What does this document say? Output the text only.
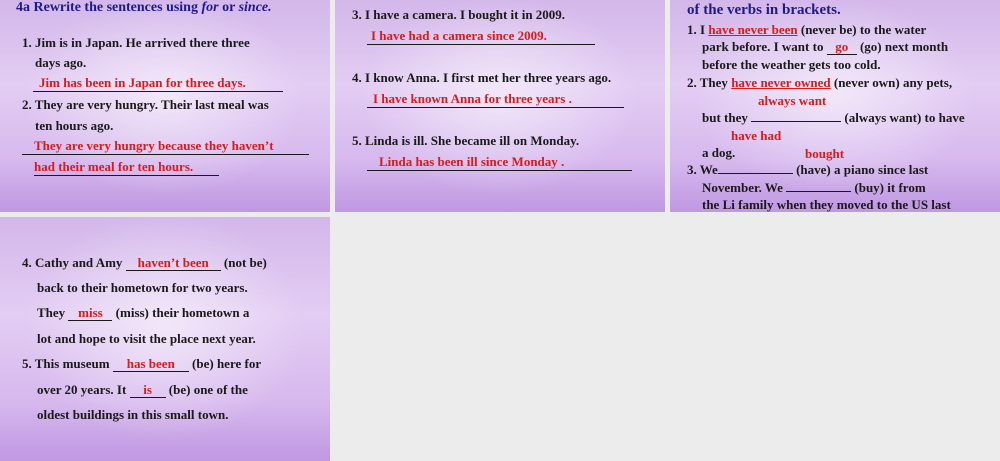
4a Rewrite the sentences using for or since.
1. Jim is in Japan. He arrived there three
days ago.
Jim has been in Japan for three days.
2. They are very hungry. Their last meal was
ten hours ago.
They are very hungry because they haven’t
had their meal for ten hours.
3. I have a camera. I bought it in 2009.
I have had a camera since 2009.
4. I know Anna. I first met her three years ago.
I have known Anna for three years .
5. Linda is ill. She became ill on Monday.
Linda has been ill since Monday .
of the verbs in brackets.
1. I have never been (never be) to the water
park before. I want to go (go) next month
before the weather gets too cold.
2. They have never owned (never own) any pets,
always want
but they	(always want) to have
have had
a dog.	bought
3. We	(have) a piano since last
November. We	(buy) it from
the Li family when they moved to the US last
4. Cathy and Amy haven’t been (not be)
back to their hometown for two years.
They miss (miss) their hometown a
lot and hope to visit the place next year.
5. This museum has been (be) here for
over 20 years. It is (be) one of the
oldest buildings in this small town.
